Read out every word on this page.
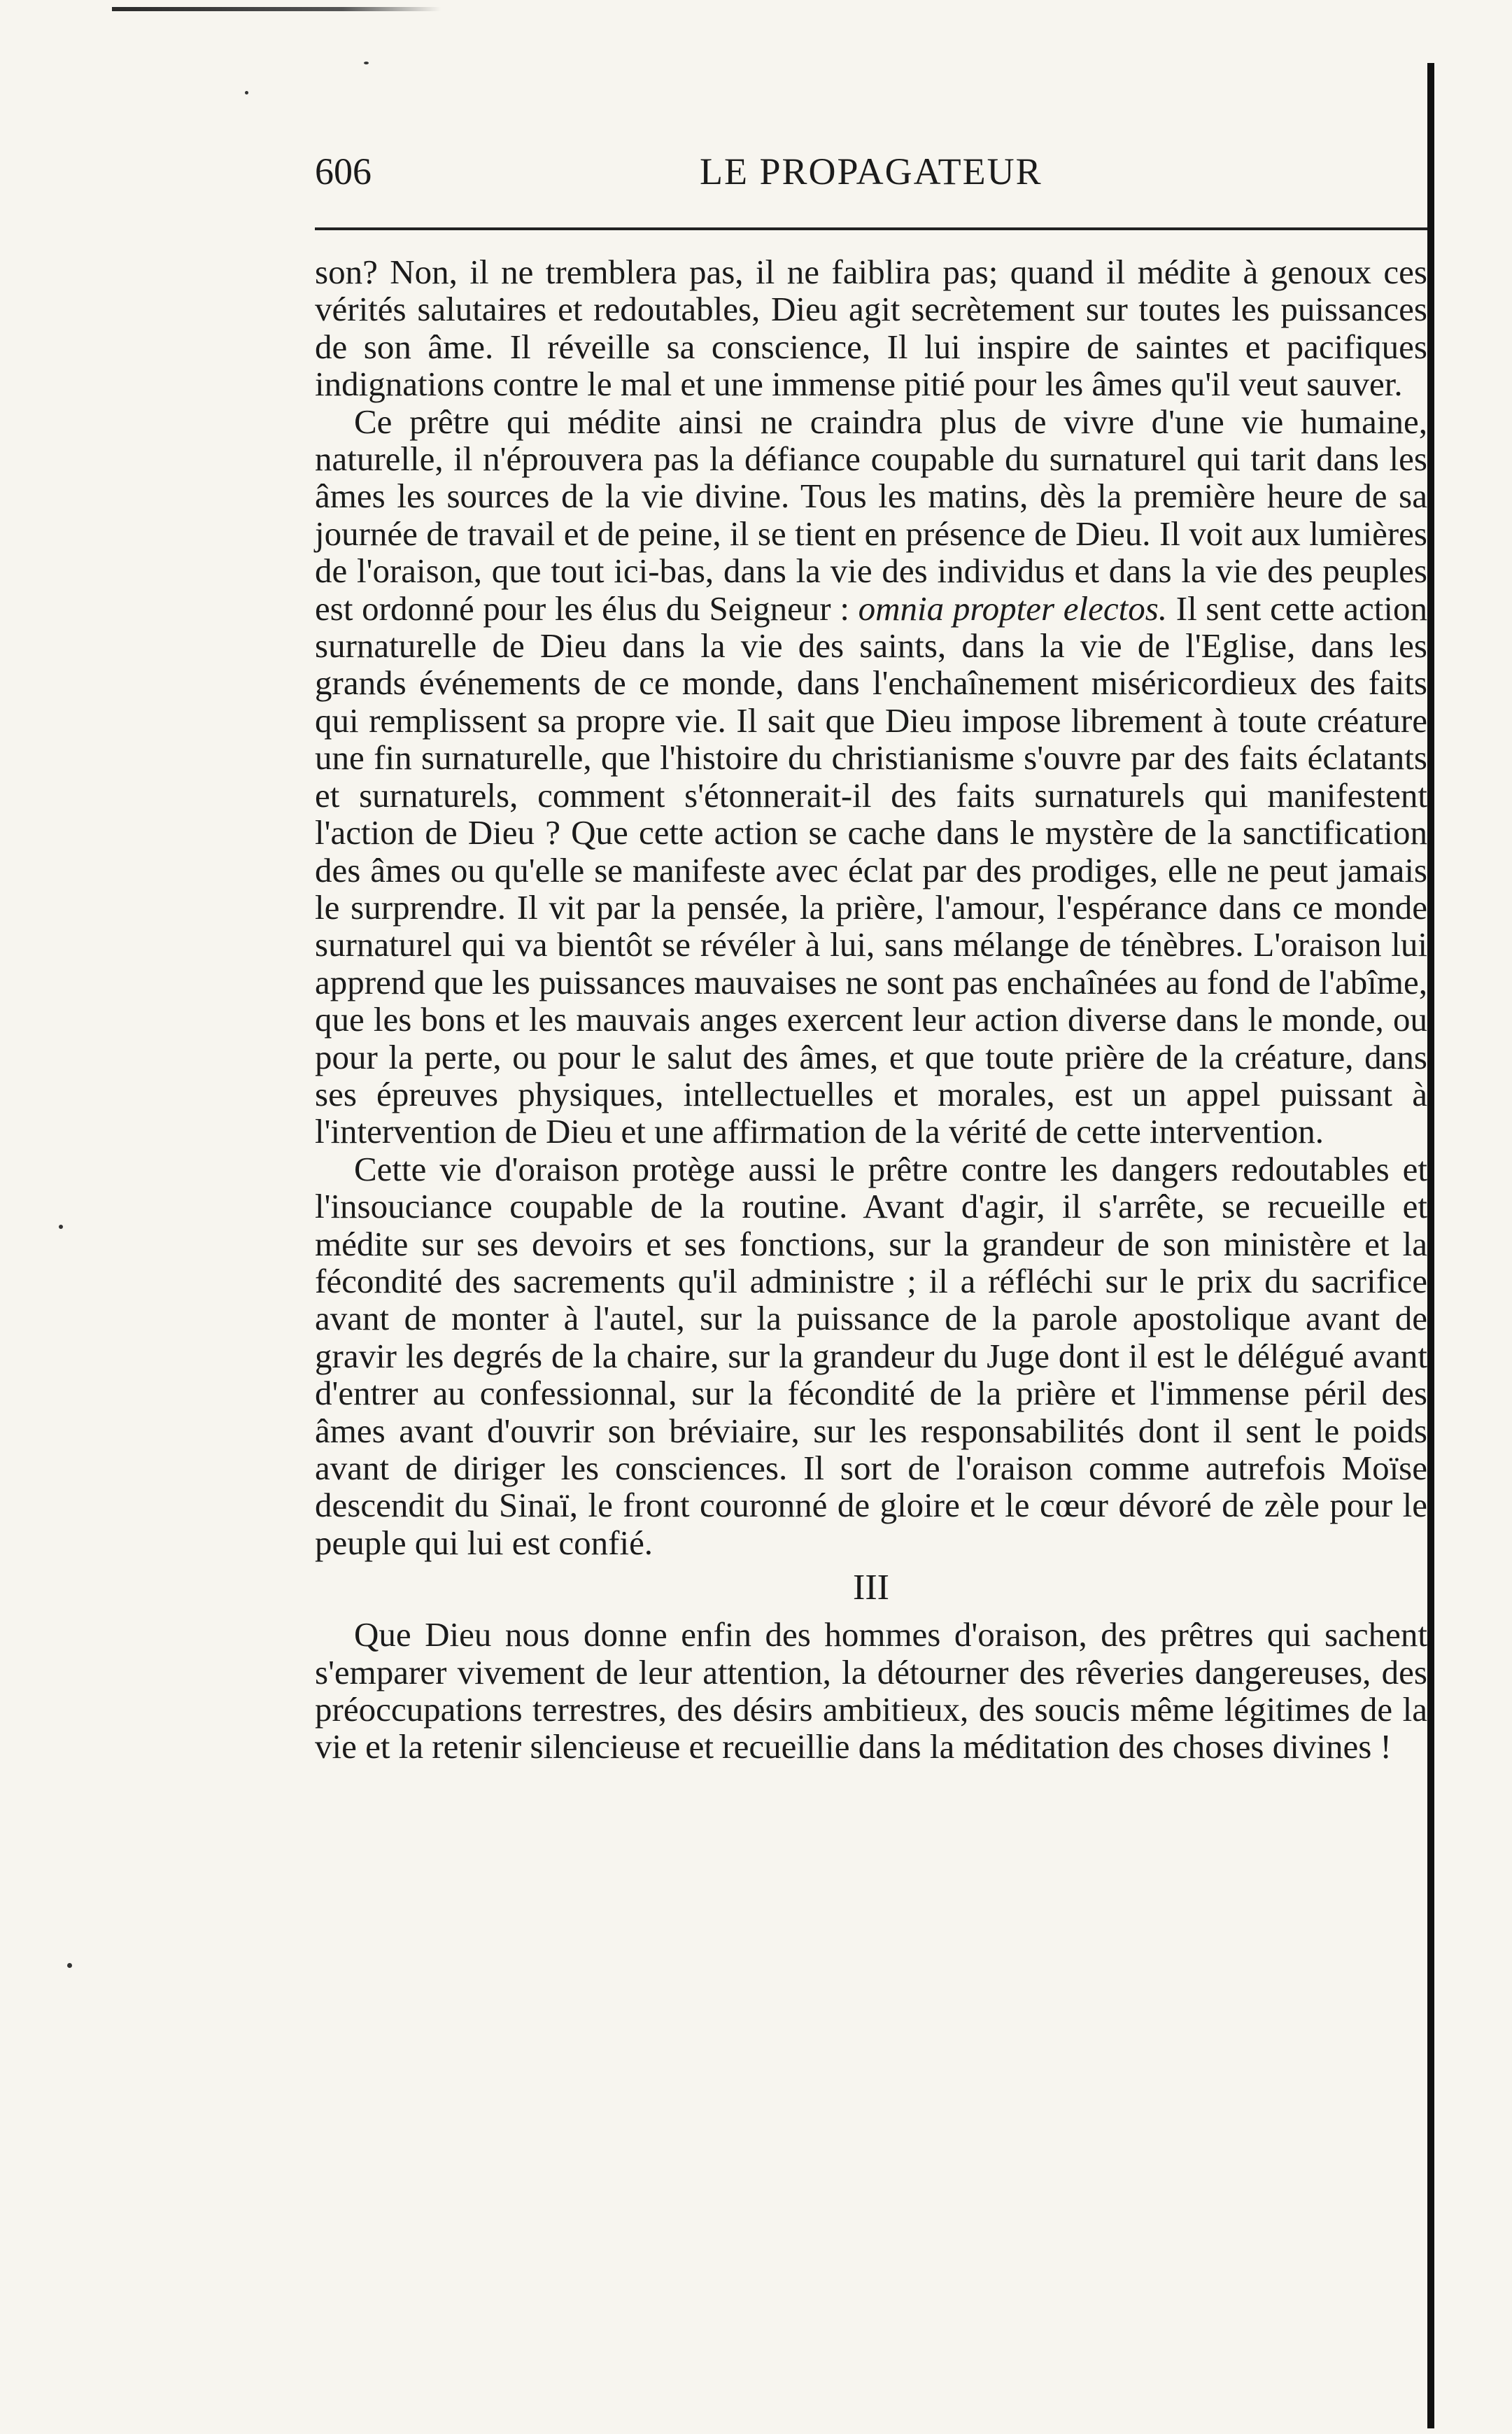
606	LE PROPAGATEUR

son? Non, il ne tremblera pas, il ne faiblira pas; quand il médite à genoux ces vérités salutaires et redoutables, Dieu agit secrètement sur toutes les puissances de son âme. Il réveille sa conscience, Il lui inspire de saintes et pacifiques indignations contre le mal et une immense pitié pour les âmes qu'il veut sauver.

Ce prêtre qui médite ainsi ne craindra plus de vivre d'une vie humaine, naturelle, il n'éprouvera pas la défiance coupable du surnaturel qui tarit dans les âmes les sources de la vie divine. Tous les matins, dès la première heure de sa journée de travail et de peine, il se tient en présence de Dieu. Il voit aux lumières de l'oraison, que tout ici-bas, dans la vie des individus et dans la vie des peuples est ordonné pour les élus du Seigneur : omnia propter electos. Il sent cette action surnaturelle de Dieu dans la vie des saints, dans la vie de l'Eglise, dans les grands événements de ce monde, dans l'enchaînement miséricordieux des faits qui remplissent sa propre vie. Il sait que Dieu impose librement à toute créature une fin surnaturelle, que l'histoire du christianisme s'ouvre par des faits éclatants et surnaturels, comment s'étonnerait-il des faits surnaturels qui manifestent l'action de Dieu ? Que cette action se cache dans le mystère de la sanctification des âmes ou qu'elle se manifeste avec éclat par des prodiges, elle ne peut jamais le surprendre. Il vit par la pensée, la prière, l'amour, l'espérance dans ce monde surnaturel qui va bientôt se révéler à lui, sans mélange de ténèbres. L'oraison lui apprend que les puissances mauvaises ne sont pas enchaînées au fond de l'abîme, que les bons et les mauvais anges exercent leur action diverse dans le monde, ou pour la perte, ou pour le salut des âmes, et que toute prière de la créature, dans ses épreuves physiques, intellectuelles et morales, est un appel puissant à l'intervention de Dieu et une affirmation de la vérité de cette intervention.

Cette vie d'oraison protège aussi le prêtre contre les dangers redoutables et l'insouciance coupable de la routine. Avant d'agir, il s'arrête, se recueille et médite sur ses devoirs et ses fonctions, sur la grandeur de son ministère et la fécondité des sacrements qu'il administre ; il a réfléchi sur le prix du sacrifice avant de monter à l'autel, sur la puissance de la parole apostolique avant de gravir les degrés de la chaire, sur la grandeur du Juge dont il est le délégué avant d'entrer au confessionnal, sur la fécondité de la prière et l'immense péril des âmes avant d'ouvrir son bréviaire, sur les responsabilités dont il sent le poids avant de diriger les consciences. Il sort de l'oraison comme autrefois Moïse descendit du Sinaï, le front couronné de gloire et le cœur dévoré de zèle pour le peuple qui lui est confié.

III

Que Dieu nous donne enfin des hommes d'oraison, des prêtres qui sachent s'emparer vivement de leur attention, la détourner des rêveries dangereuses, des préoccupations terrestres, des désirs ambitieux, des soucis même légitimes de la vie et la retenir silencieuse et recueillie dans la méditation des choses divines !
